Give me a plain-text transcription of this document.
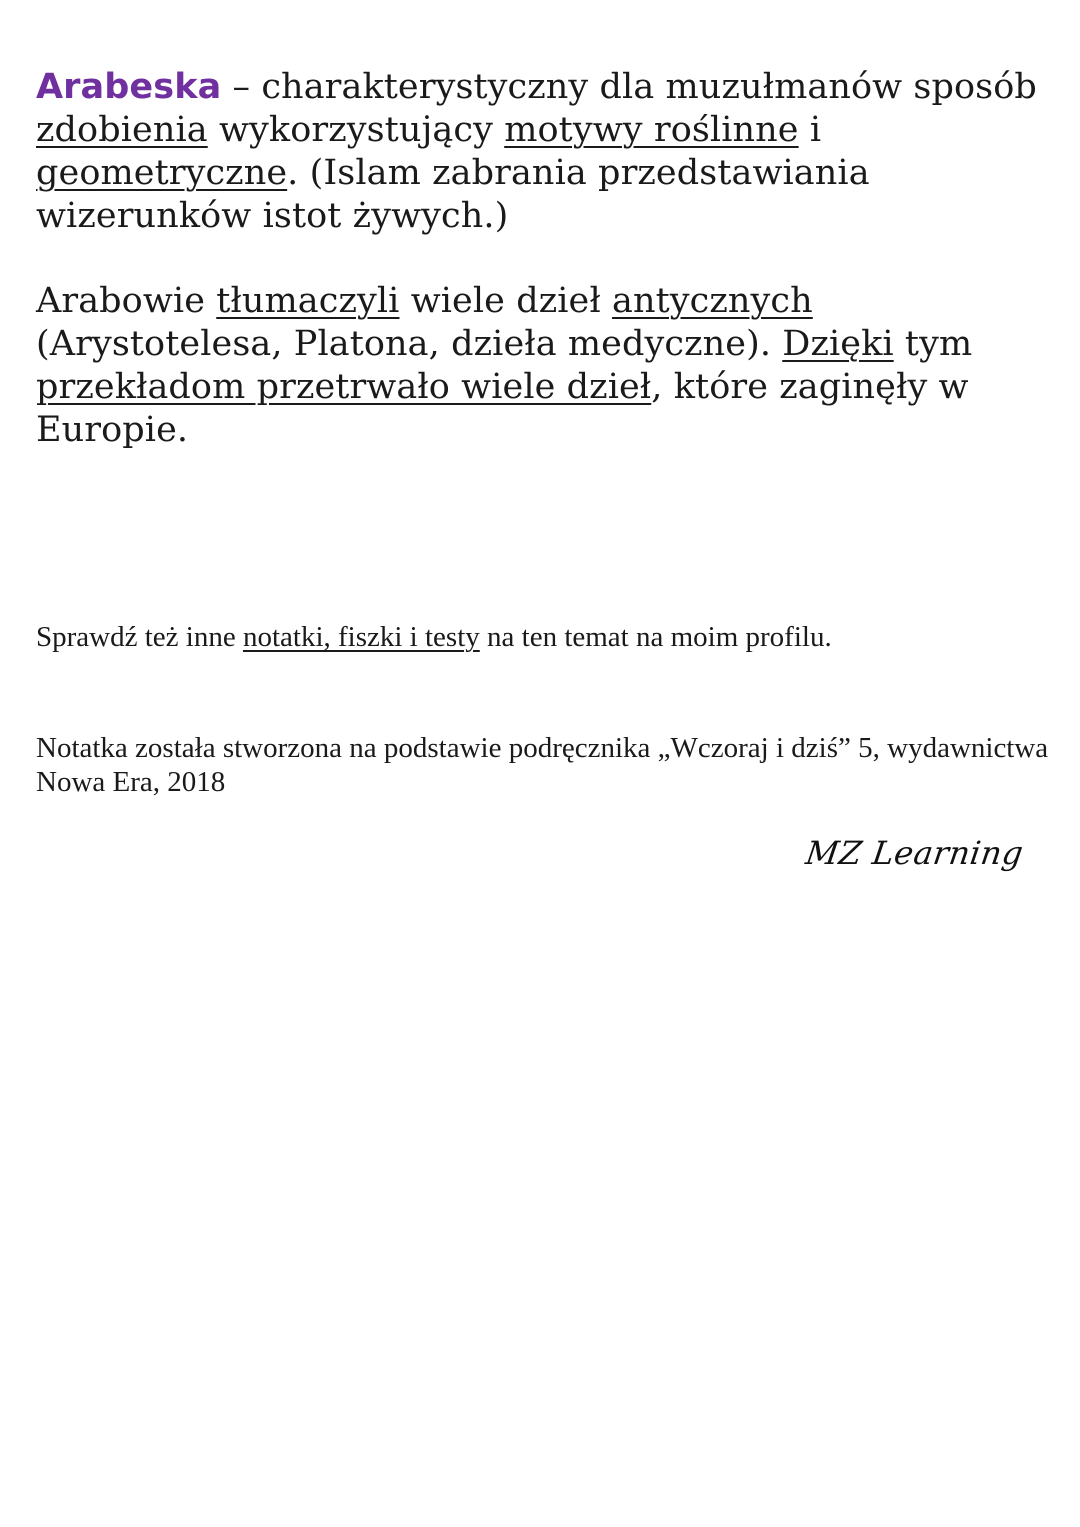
Arabeska – charakterystyczny dla muzułmanów sposób zdobienia wykorzystujący motywy roślinne i geometryczne. (Islam zabrania przedstawiania wizerunków istot żywych.)

Arabowie tłumaczyli wiele dzieł antycznych (Arystotelesa, Platona, dzieła medyczne). Dzięki tym przekładom przetrwało wiele dzieł, które zaginęły w Europie.

Sprawdź też inne notatki, fiszki i testy na ten temat na moim profilu.

Notatka została stworzona na podstawie podręcznika „Wczoraj i dziś” 5, wydawnictwa Nowa Era, 2018

MZ Learning
